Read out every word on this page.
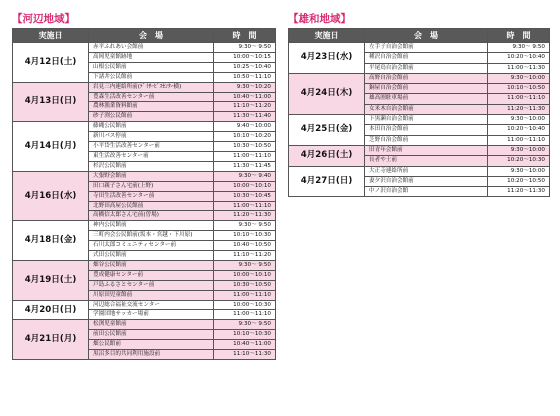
【河辺地域】
実施日	会　場	時　間
4月12日(土)	赤平ふれあい会館前	9:30～ 9:50
	高岡児童館跡地	10:00～10:15
	山根公民館前	10:25～10:40
	下諸井公民館前	10:50～11:10
4月13日(日)	岩見三内連絡所前(ﾃﾞｲｻｰﾋﾞｽｾﾝﾀｰ横)	9:30～10:20
	豊森生活改善センター前	10:40～11:00
	農林漁業資料館前	11:10～11:20
	砂子渕公民館前	11:30～11:40
4月14日(月)	藤縄公民館前	9:40～10:00
	新川バス停前	10:10～10:20
	小平岱生活改善センター前	10:30～10:50
	東生活改善センター前	11:00～11:10
	杉沢公民館前	11:30～11:45
4月16日(水)	大張野会館前	9:30～ 9:40
	田口親子さん宅前(上野)	10:00～10:10
	寺田生活改善センター前	10:30～10:45
	北野田高屋公民館前	11:00～11:10
	高橋信太郎さん宅前(曽場)	11:20～11:30
4月18日(金)	神内公民館前	9:30～ 9:50
	三町内会公民館前(坂本・宮越・下川原)	10:10～10:30
	石川太郎コミュニティセンター前	10:40～10:50
	式田公民館前	11:10～11:20
4月19日(土)	畑谷公民館前	9:30～ 9:50
	豊成健康センター前	10:00～10:10
	戸島ふるさとセンター前	10:30～10:50
	川原田児童館前	11:00～11:10
4月20日(日)	河辺総合福祉交流センター	10:00～10:30
	学園団地サッカー場前	11:00～11:10
4月21日(月)	松渕児童館前	9:30～ 9:50
	前田公民館前	10:10～10:30
	畑公民館前	10:40～11:00
	黒沼多目的共同利用施設前	11:10～11:30
【雄和地域】
実施日	会　場	時　間
4月23日(水)	左手子自治会館前	9:30～ 9:50
	種沢自治会館前	10:20～10:40
	平尾鳥自治会館前	11:00～11:30
4月24日(木)	高野自治会館前	9:30～10:00
	銅屋自治会館前	10:10～10:50
	雄高圏駐車場前	11:00～11:10
	女米木自治会館前	11:20～11:30
4月25日(金)	下黒瀬自治会館前	9:30～10:00
	本田自治会館前	10:20～10:40
	芝野自治会館前	11:00～11:10
4月26日(土)	旧青年会館前	9:30～10:00
	長者や土前	10:20～10:30
4月27日(日)	大正寺連絡所前	9:30～10:00
	妻夕沢自治会館前	10:20～10:50
	中ノ沢自治会館	11:20～11:30
